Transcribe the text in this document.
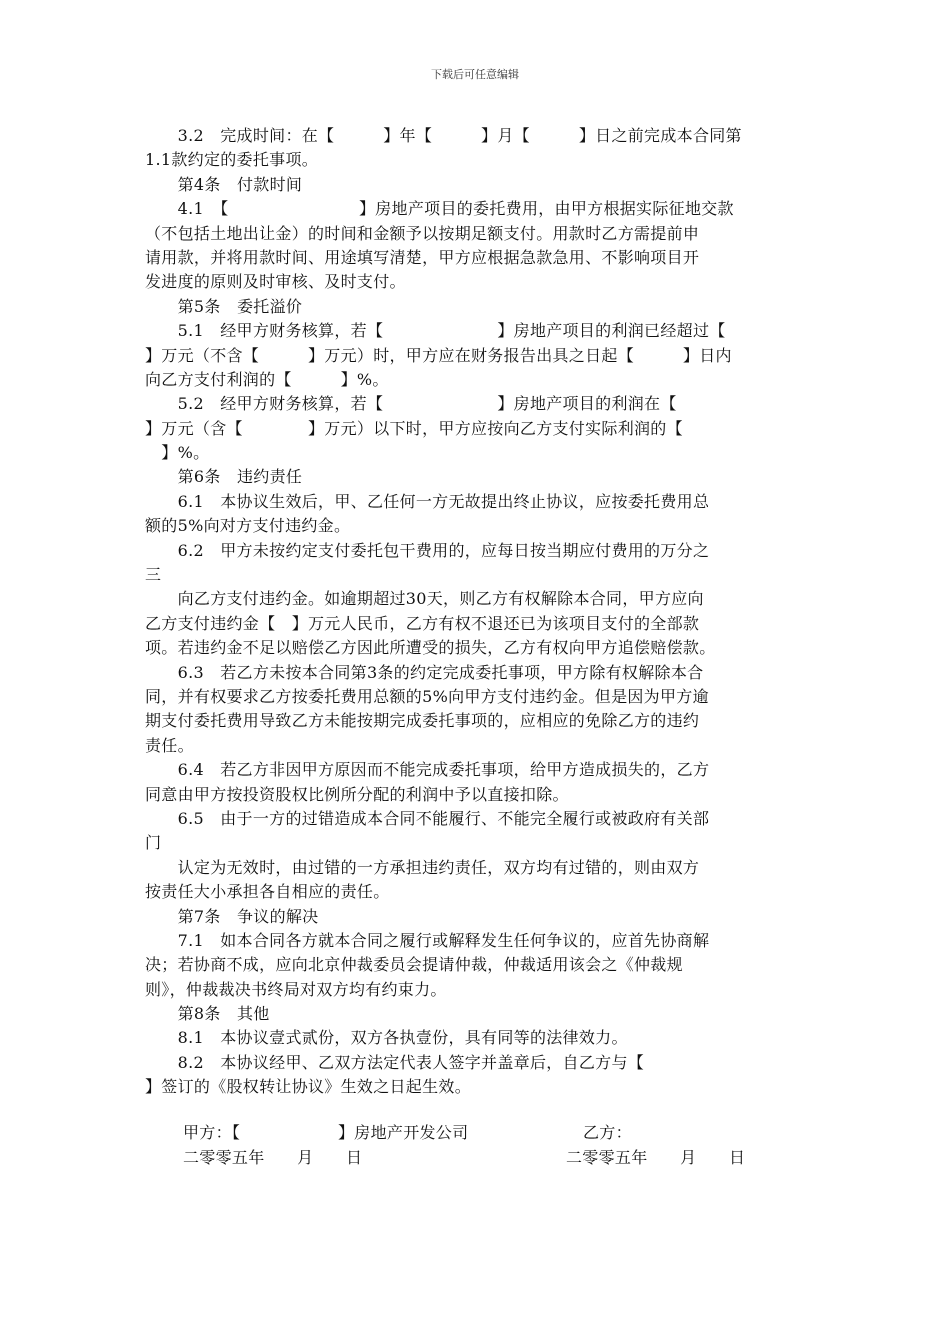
下载后可任意编辑
　　3.2　完成时间：在【　　　】年【　　　】月【　　　】日之前完成本合同第
1.1款约定的委托事项。
　　第4条　付款时间
　　4.1　【　　　　　　　　】房地产项目的委托费用，由甲方根据实际征地交款
（不包括土地出让金）的时间和金额予以按期足额支付。用款时乙方需提前申
请用款，并将用款时间、用途填写清楚，甲方应根据急款急用、不影响项目开
发进度的原则及时审核、及时支付。
　　第5条　委托溢价
　　5.1　经甲方财务核算，若【　　　　　　　】房地产项目的利润已经超过【
】万元（不含【　　　】万元）时，甲方应在财务报告出具之日起【　　　】日内
向乙方支付利润的【　　　】%。
　　5.2　经甲方财务核算，若【　　　　　　　】房地产项目的利润在【
】万元（含【　　　　】万元）以下时，甲方应按向乙方支付实际利润的【
　】%。
　　第6条　违约责任
　　6.1　本协议生效后，甲、乙任何一方无故提出终止协议，应按委托费用总
额的5%向对方支付违约金。
　　6.2　甲方未按约定支付委托包干费用的，应每日按当期应付费用的万分之
三
　　向乙方支付违约金。如逾期超过30天，则乙方有权解除本合同，甲方应向
乙方支付违约金【　】万元人民币，乙方有权不退还已为该项目支付的全部款
项。若违约金不足以赔偿乙方因此所遭受的损失，乙方有权向甲方追偿赔偿款。
　　6.3　若乙方未按本合同第3条的约定完成委托事项，甲方除有权解除本合
同，并有权要求乙方按委托费用总额的5%向甲方支付违约金。但是因为甲方逾
期支付委托费用导致乙方未能按期完成委托事项的，应相应的免除乙方的违约
责任。
　　6.4　若乙方非因甲方原因而不能完成委托事项，给甲方造成损失的，乙方
同意由甲方按投资股权比例所分配的利润中予以直接扣除。
　　6.5　由于一方的过错造成本合同不能履行、不能完全履行或被政府有关部
门
　　认定为无效时，由过错的一方承担违约责任，双方均有过错的，则由双方
按责任大小承担各自相应的责任。
　　第7条　争议的解决
　　7.1　如本合同各方就本合同之履行或解释发生任何争议的，应首先协商解
决；若协商不成，应向北京仲裁委员会提请仲裁，仲裁适用该会之《仲裁规
则》，仲裁裁决书终局对双方均有约束力。
　　第8条　其他
　　8.1　本协议壹式贰份，双方各执壹份，具有同等的法律效力。
　　8.2　本协议经甲、乙双方法定代表人签字并盖章后，自乙方与【
】签订的《股权转让协议》生效之日起生效。

甲方：【　　　　　　】房地产开发公司

	乙方：

二零零五年　　月　　日

	二零零五年　　月　　日
